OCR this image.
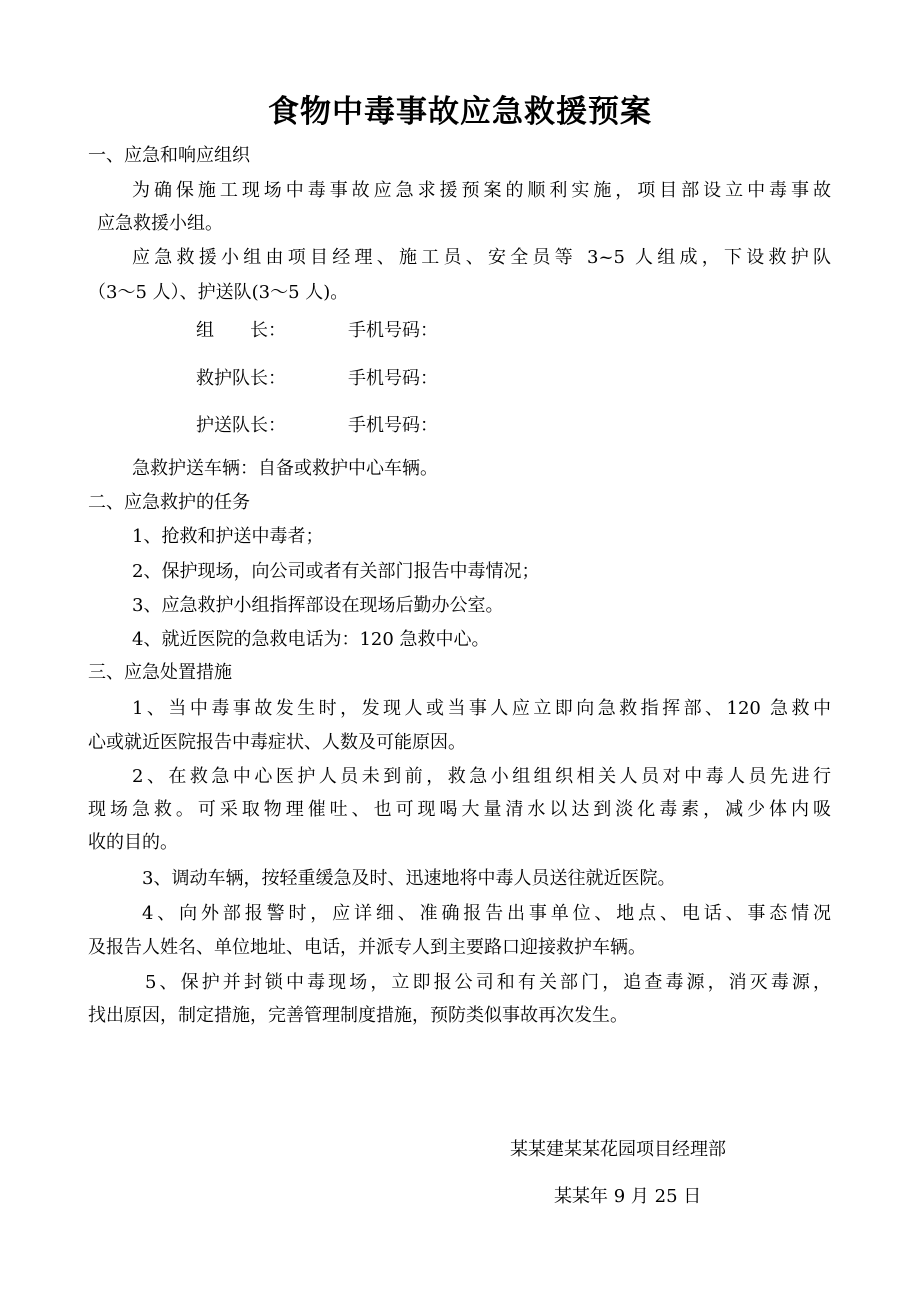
食物中毒事故应急救援预案
一、应急和响应组织
为确保施工现场中毒事故应急求援预案的顺利实施，项目部设立中毒事故
应急救援小组。
应急救援小组由项目经理、施工员、安全员等 3~5 人组成，下设救护队
（3～5 人）、护送队(3～5 人)。
组　　长：	手机号码：
救护队长：	手机号码：
护送队长：	手机号码：
急救护送车辆：自备或救护中心车辆。
二、应急救护的任务
1、抢救和护送中毒者；
2、保护现场，向公司或者有关部门报告中毒情况；
3、应急救护小组指挥部设在现场后勤办公室。
4、就近医院的急救电话为：120 急救中心。
三、应急处置措施
1、当中毒事故发生时，发现人或当事人应立即向急救指挥部、120 急救中
心或就近医院报告中毒症状、人数及可能原因。
2、在救急中心医护人员未到前，救急小组组织相关人员对中毒人员先进行
现场急救。可采取物理催吐、也可现喝大量清水以达到淡化毒素，减少体内吸
收的目的。
3、调动车辆，按轻重缓急及时、迅速地将中毒人员送往就近医院。
4、向外部报警时，应详细、准确报告出事单位、地点、电话、事态情况
及报告人姓名、单位地址、电话，并派专人到主要路口迎接救护车辆。
5、保护并封锁中毒现场，立即报公司和有关部门，追查毒源，消灭毒源，
找出原因，制定措施，完善管理制度措施，预防类似事故再次发生。
某某建某某花园项目经理部
某某年 9 月 25 日
